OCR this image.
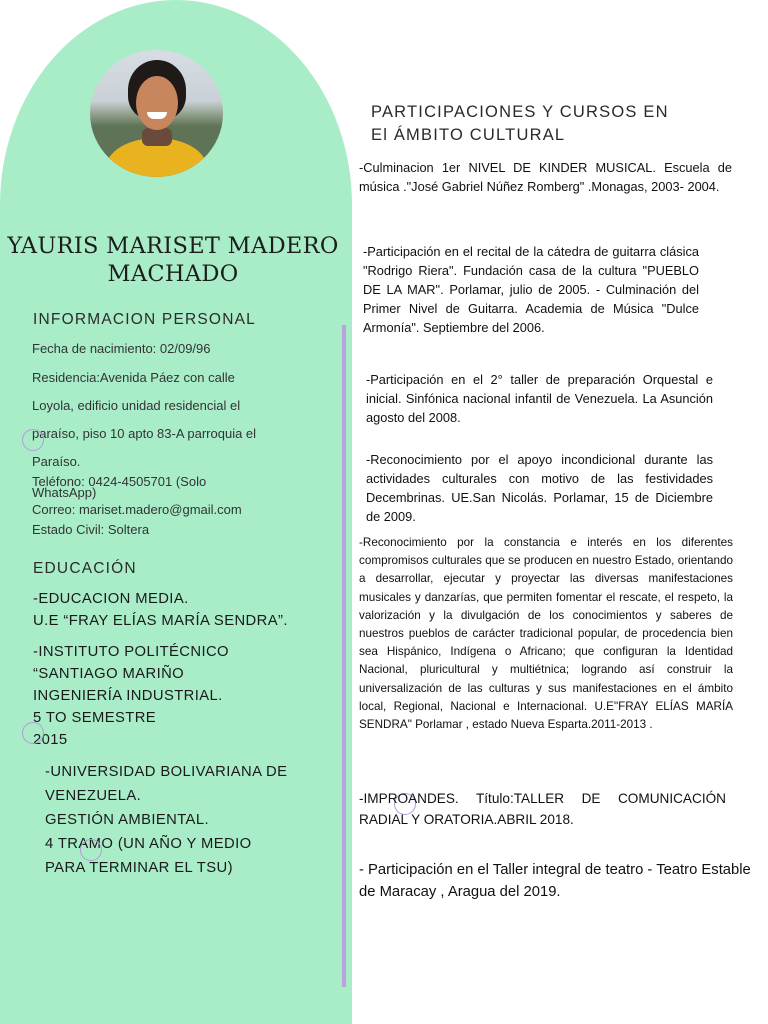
YAURIS MARISET MADERO MACHADO
INFORMACION PERSONAL
Fecha de nacimiento: 02/09/96
Residencia:Avenida Páez con calle
Loyola, edificio unidad residencial el
paraíso, piso 10 apto 83-A parroquia el
Paraíso.
Teléfono: 0424-4505701 (Solo
WhatsApp)
Correo: mariset.madero@gmail.com
Estado Civil: Soltera
EDUCACIÓN
-EDUCACION MEDIA.
U.E “FRAY ELÍAS MARÍA SENDRA”.
-INSTITUTO POLITÉCNICO
“SANTIAGO MARIÑO
INGENIERÍA INDUSTRIAL.
5 TO SEMESTRE
2015
-UNIVERSIDAD BOLIVARIANA DE
VENEZUELA.
GESTIÓN AMBIENTAL.
4 TRAMO (UN AÑO Y MEDIO
PARA TERMINAR EL TSU)
PARTICIPACIONES Y CURSOS EN
El ÁMBITO CULTURAL
-Culminacion 1er NIVEL DE KINDER MUSICAL. Escuela de música ."José Gabriel Núñez Romberg" .Monagas, 2003- 2004.
-Participación en el recital de la cátedra de guitarra clásica "Rodrigo Riera". Fundación casa de la cultura "PUEBLO DE LA MAR". Porlamar, julio de 2005. - Culminación del Primer Nivel de Guitarra. Academia de Música "Dulce Armonía". Septiembre del 2006.
-Participación en el 2° taller de preparación Orquestal e inicial. Sinfónica nacional infantil de Venezuela. La Asunción agosto del 2008.
-Reconocimiento por el apoyo incondicional durante las actividades culturales con motivo de las festividades Decembrinas. UE.San Nicolás. Porlamar, 15 de Diciembre de 2009.
-Reconocimiento por la constancia e interés en los diferentes compromisos culturales que se producen en nuestro Estado, orientando a desarrollar, ejecutar y proyectar las diversas manifestaciones musicales y danzarías, que permiten fomentar el rescate, el respeto, la valorización y la divulgación de los conocimientos y saberes de nuestros pueblos de carácter tradicional popular, de procedencia bien sea Hispánico, Indígena o Africano; que configuran la Identidad Nacional, pluricultural y multiétnica; logrando así construir la universalización de las culturas y sus manifestaciones en el ámbito local, Regional, Nacional e Internacional. U.E"FRAY ELÍAS MARÍA SENDRA" Porlamar , estado Nueva Esparta.2011-2013 .
-IMPROANDES. Título:TALLER DE COMUNICACIÓN RADIAL Y ORATORIA.ABRIL 2018.
- Participación en el Taller integral de teatro - Teatro Estable de Maracay , Aragua del 2019.
